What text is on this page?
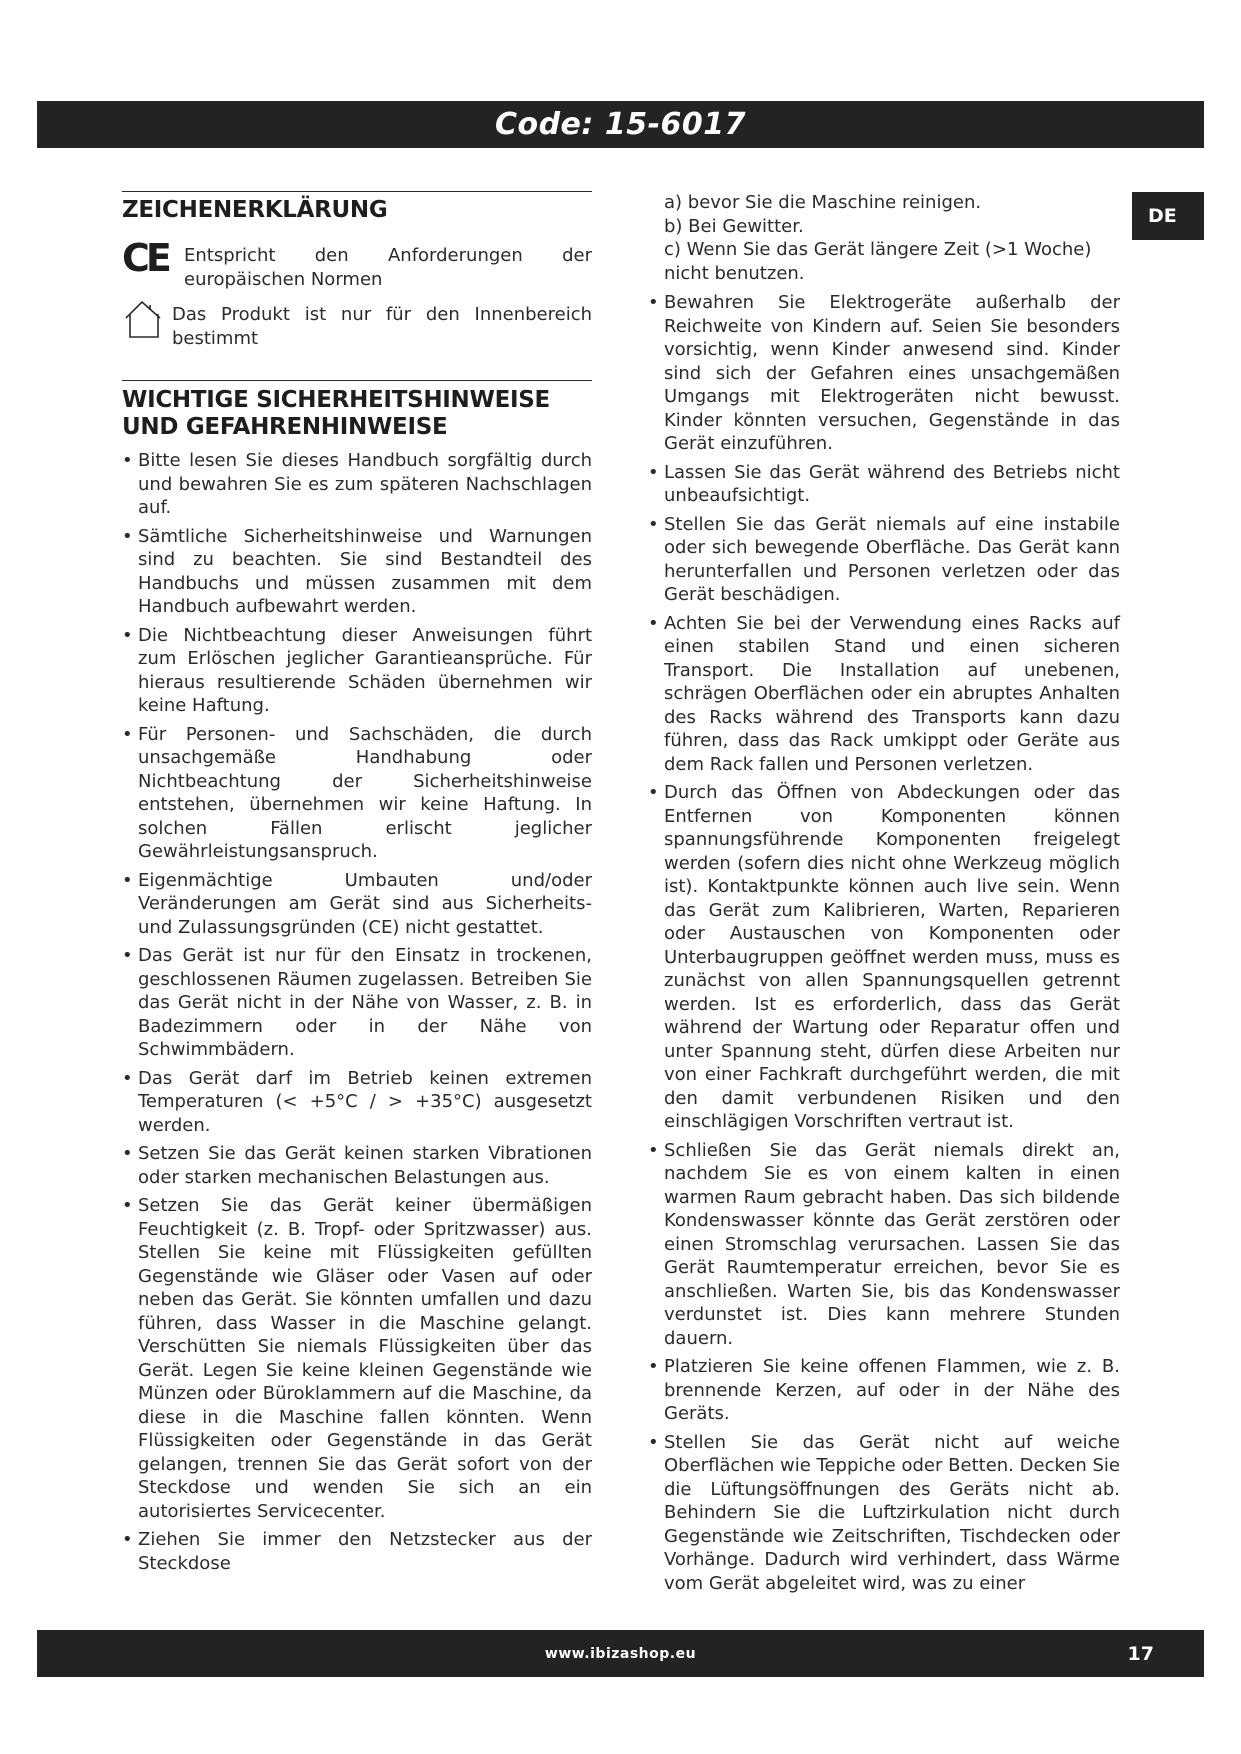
Code: 15-6017
DE
ZEICHENERKLÄRUNG
CE Entspricht den Anforderungen der europäischen Normen
Das Produkt ist nur für den Innenbereich bestimmt
WICHTIGE SICHERHEITSHINWEISE
UND GEFAHRENHINWEISE
• Bitte lesen Sie dieses Handbuch sorgfältig durch und bewahren Sie es zum späteren Nachschlagen auf.
• Sämtliche Sicherheitshinweise und Warnungen sind zu beachten. Sie sind Bestandteil des Handbuchs und müssen zusammen mit dem Handbuch aufbewahrt werden.
• Die Nichtbeachtung dieser Anweisungen führt zum Erlöschen jeglicher Garantieansprüche. Für hieraus resultierende Schäden übernehmen wir keine Haftung.
• Für Personen- und Sachschäden, die durch unsachgemäße Handhabung oder Nichtbeachtung der Sicherheitshinweise entstehen, übernehmen wir keine Haftung. In solchen Fällen erlischt jeglicher Gewährleistungsanspruch.
• Eigenmächtige Umbauten und/oder Veränderungen am Gerät sind aus Sicherheits- und Zulassungsgründen (CE) nicht gestattet.
• Das Gerät ist nur für den Einsatz in trockenen, geschlossenen Räumen zugelassen. Betreiben Sie das Gerät nicht in der Nähe von Wasser, z. B. in Badezimmern oder in der Nähe von Schwimmbädern.
• Das Gerät darf im Betrieb keinen extremen Temperaturen (< +5°C / > +35°C) ausgesetzt werden.
• Setzen Sie das Gerät keinen starken Vibrationen oder starken mechanischen Belastungen aus.
• Setzen Sie das Gerät keiner übermäßigen Feuchtigkeit (z. B. Tropf- oder Spritzwasser) aus. Stellen Sie keine mit Flüssigkeiten gefüllten Gegenstände wie Gläser oder Vasen auf oder neben das Gerät. Sie könnten umfallen und dazu führen, dass Wasser in die Maschine gelangt. Verschütten Sie niemals Flüssigkeiten über das Gerät. Legen Sie keine kleinen Gegenstände wie Münzen oder Büroklammern auf die Maschine, da diese in die Maschine fallen könnten. Wenn Flüssigkeiten oder Gegenstände in das Gerät gelangen, trennen Sie das Gerät sofort von der Steckdose und wenden Sie sich an ein autorisiertes Servicecenter.
• Ziehen Sie immer den Netzstecker aus der Steckdose
a) bevor Sie die Maschine reinigen.
b) Bei Gewitter.
c) Wenn Sie das Gerät längere Zeit (>1 Woche) nicht benutzen.
• Bewahren Sie Elektrogeräte außerhalb der Reichweite von Kindern auf. Seien Sie besonders vorsichtig, wenn Kinder anwesend sind. Kinder sind sich der Gefahren eines unsachgemäßen Umgangs mit Elektrogeräten nicht bewusst. Kinder könnten versuchen, Gegenstände in das Gerät einzuführen.
• Lassen Sie das Gerät während des Betriebs nicht unbeaufsichtigt.
• Stellen Sie das Gerät niemals auf eine instabile oder sich bewegende Oberfläche. Das Gerät kann herunterfallen und Personen verletzen oder das Gerät beschädigen.
• Achten Sie bei der Verwendung eines Racks auf einen stabilen Stand und einen sicheren Transport. Die Installation auf unebenen, schrägen Oberflächen oder ein abruptes Anhalten des Racks während des Transports kann dazu führen, dass das Rack umkippt oder Geräte aus dem Rack fallen und Personen verletzen.
• Durch das Öffnen von Abdeckungen oder das Entfernen von Komponenten können spannungsführende Komponenten freigelegt werden (sofern dies nicht ohne Werkzeug möglich ist). Kontaktpunkte können auch live sein. Wenn das Gerät zum Kalibrieren, Warten, Reparieren oder Austauschen von Komponenten oder Unterbaugruppen geöffnet werden muss, muss es zunächst von allen Spannungsquellen getrennt werden. Ist es erforderlich, dass das Gerät während der Wartung oder Reparatur offen und unter Spannung steht, dürfen diese Arbeiten nur von einer Fachkraft durchgeführt werden, die mit den damit verbundenen Risiken und den einschlägigen Vorschriften vertraut ist.
• Schließen Sie das Gerät niemals direkt an, nachdem Sie es von einem kalten in einen warmen Raum gebracht haben. Das sich bildende Kondenswasser könnte das Gerät zerstören oder einen Stromschlag verursachen. Lassen Sie das Gerät Raumtemperatur erreichen, bevor Sie es anschließen. Warten Sie, bis das Kondenswasser verdunstet ist. Dies kann mehrere Stunden dauern.
• Platzieren Sie keine offenen Flammen, wie z. B. brennende Kerzen, auf oder in der Nähe des Geräts.
• Stellen Sie das Gerät nicht auf weiche Oberflächen wie Teppiche oder Betten. Decken Sie die Lüftungsöffnungen des Geräts nicht ab. Behindern Sie die Luftzirkulation nicht durch Gegenstände wie Zeitschriften, Tischdecken oder Vorhänge. Dadurch wird verhindert, dass Wärme vom Gerät abgeleitet wird, was zu einer
www.ibizashop.eu	17
